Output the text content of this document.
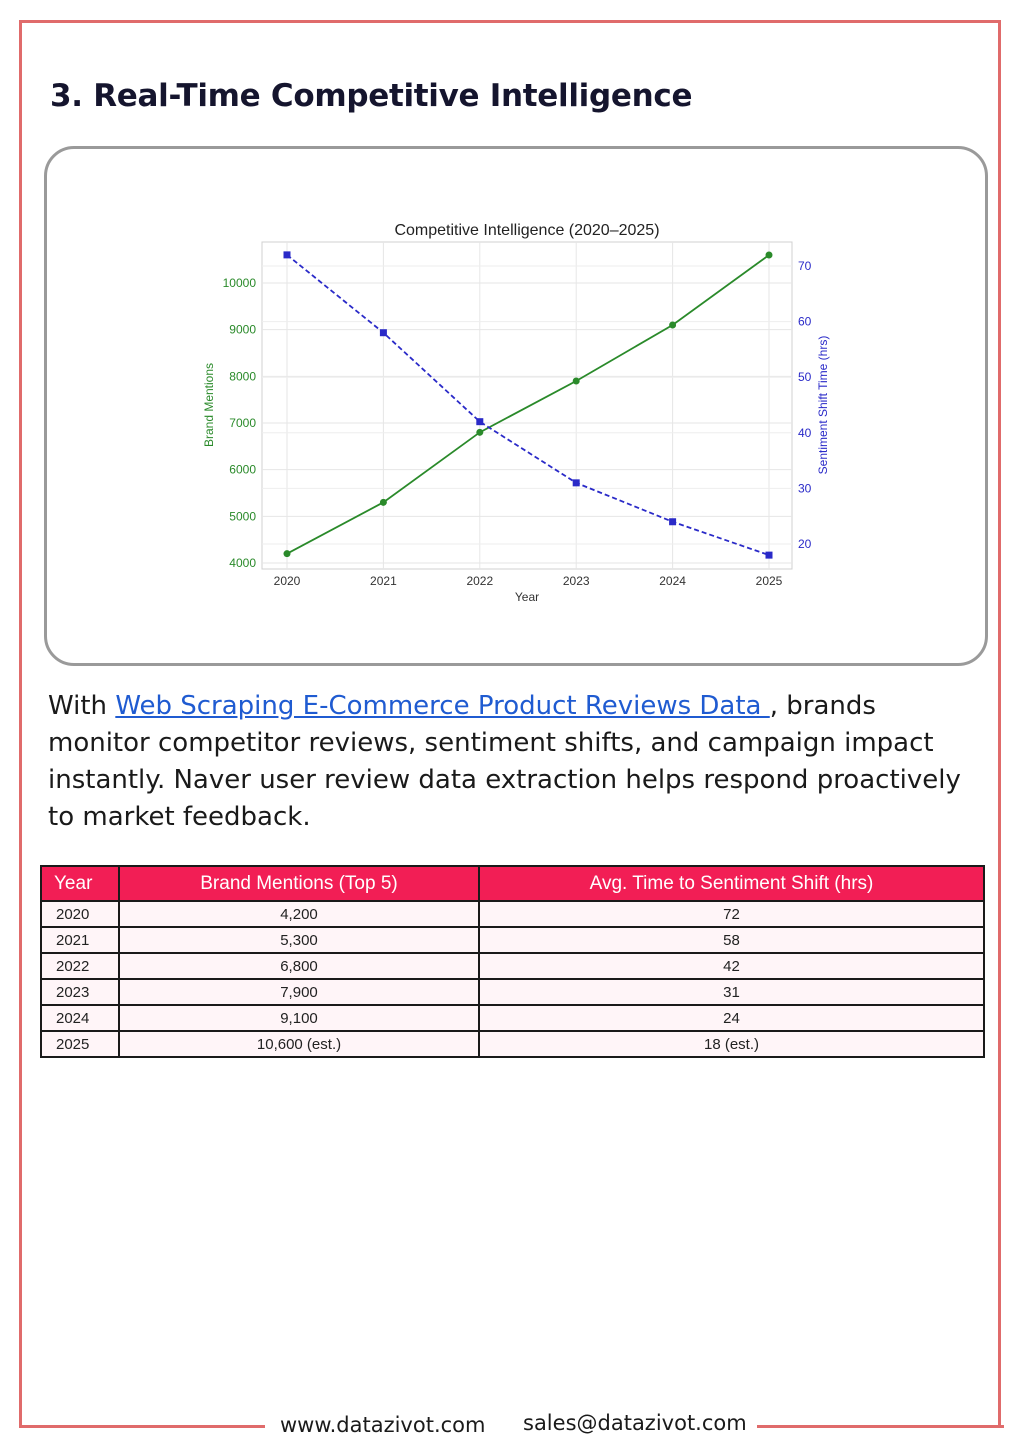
3. Real-Time Competitive Intelligence
2020	2021	2022	2023	2024	2025
4000
5000
6000
7000
8000
9000
10000
20
30
40
50
60
70
Competitive Intelligence (2020–2025)
Year
Brand Mentions	Sentiment Shift Time (hrs)

With Web Scraping E-Commerce Product Reviews Data , brands monitor competitor reviews, sentiment shifts, and campaign impact instantly. Naver user review data extraction helps respond proactively to market feedback.

Year	Brand Mentions (Top 5)	Avg. Time to Sentiment Shift (hrs)
2020	4,200	72
2021	5,300	58
2022	6,800	42
2023	7,900	31
2024	9,100	24
2025	10,600 (est.)	18 (est.)
www.datazivot.com sales@datazivot.com
